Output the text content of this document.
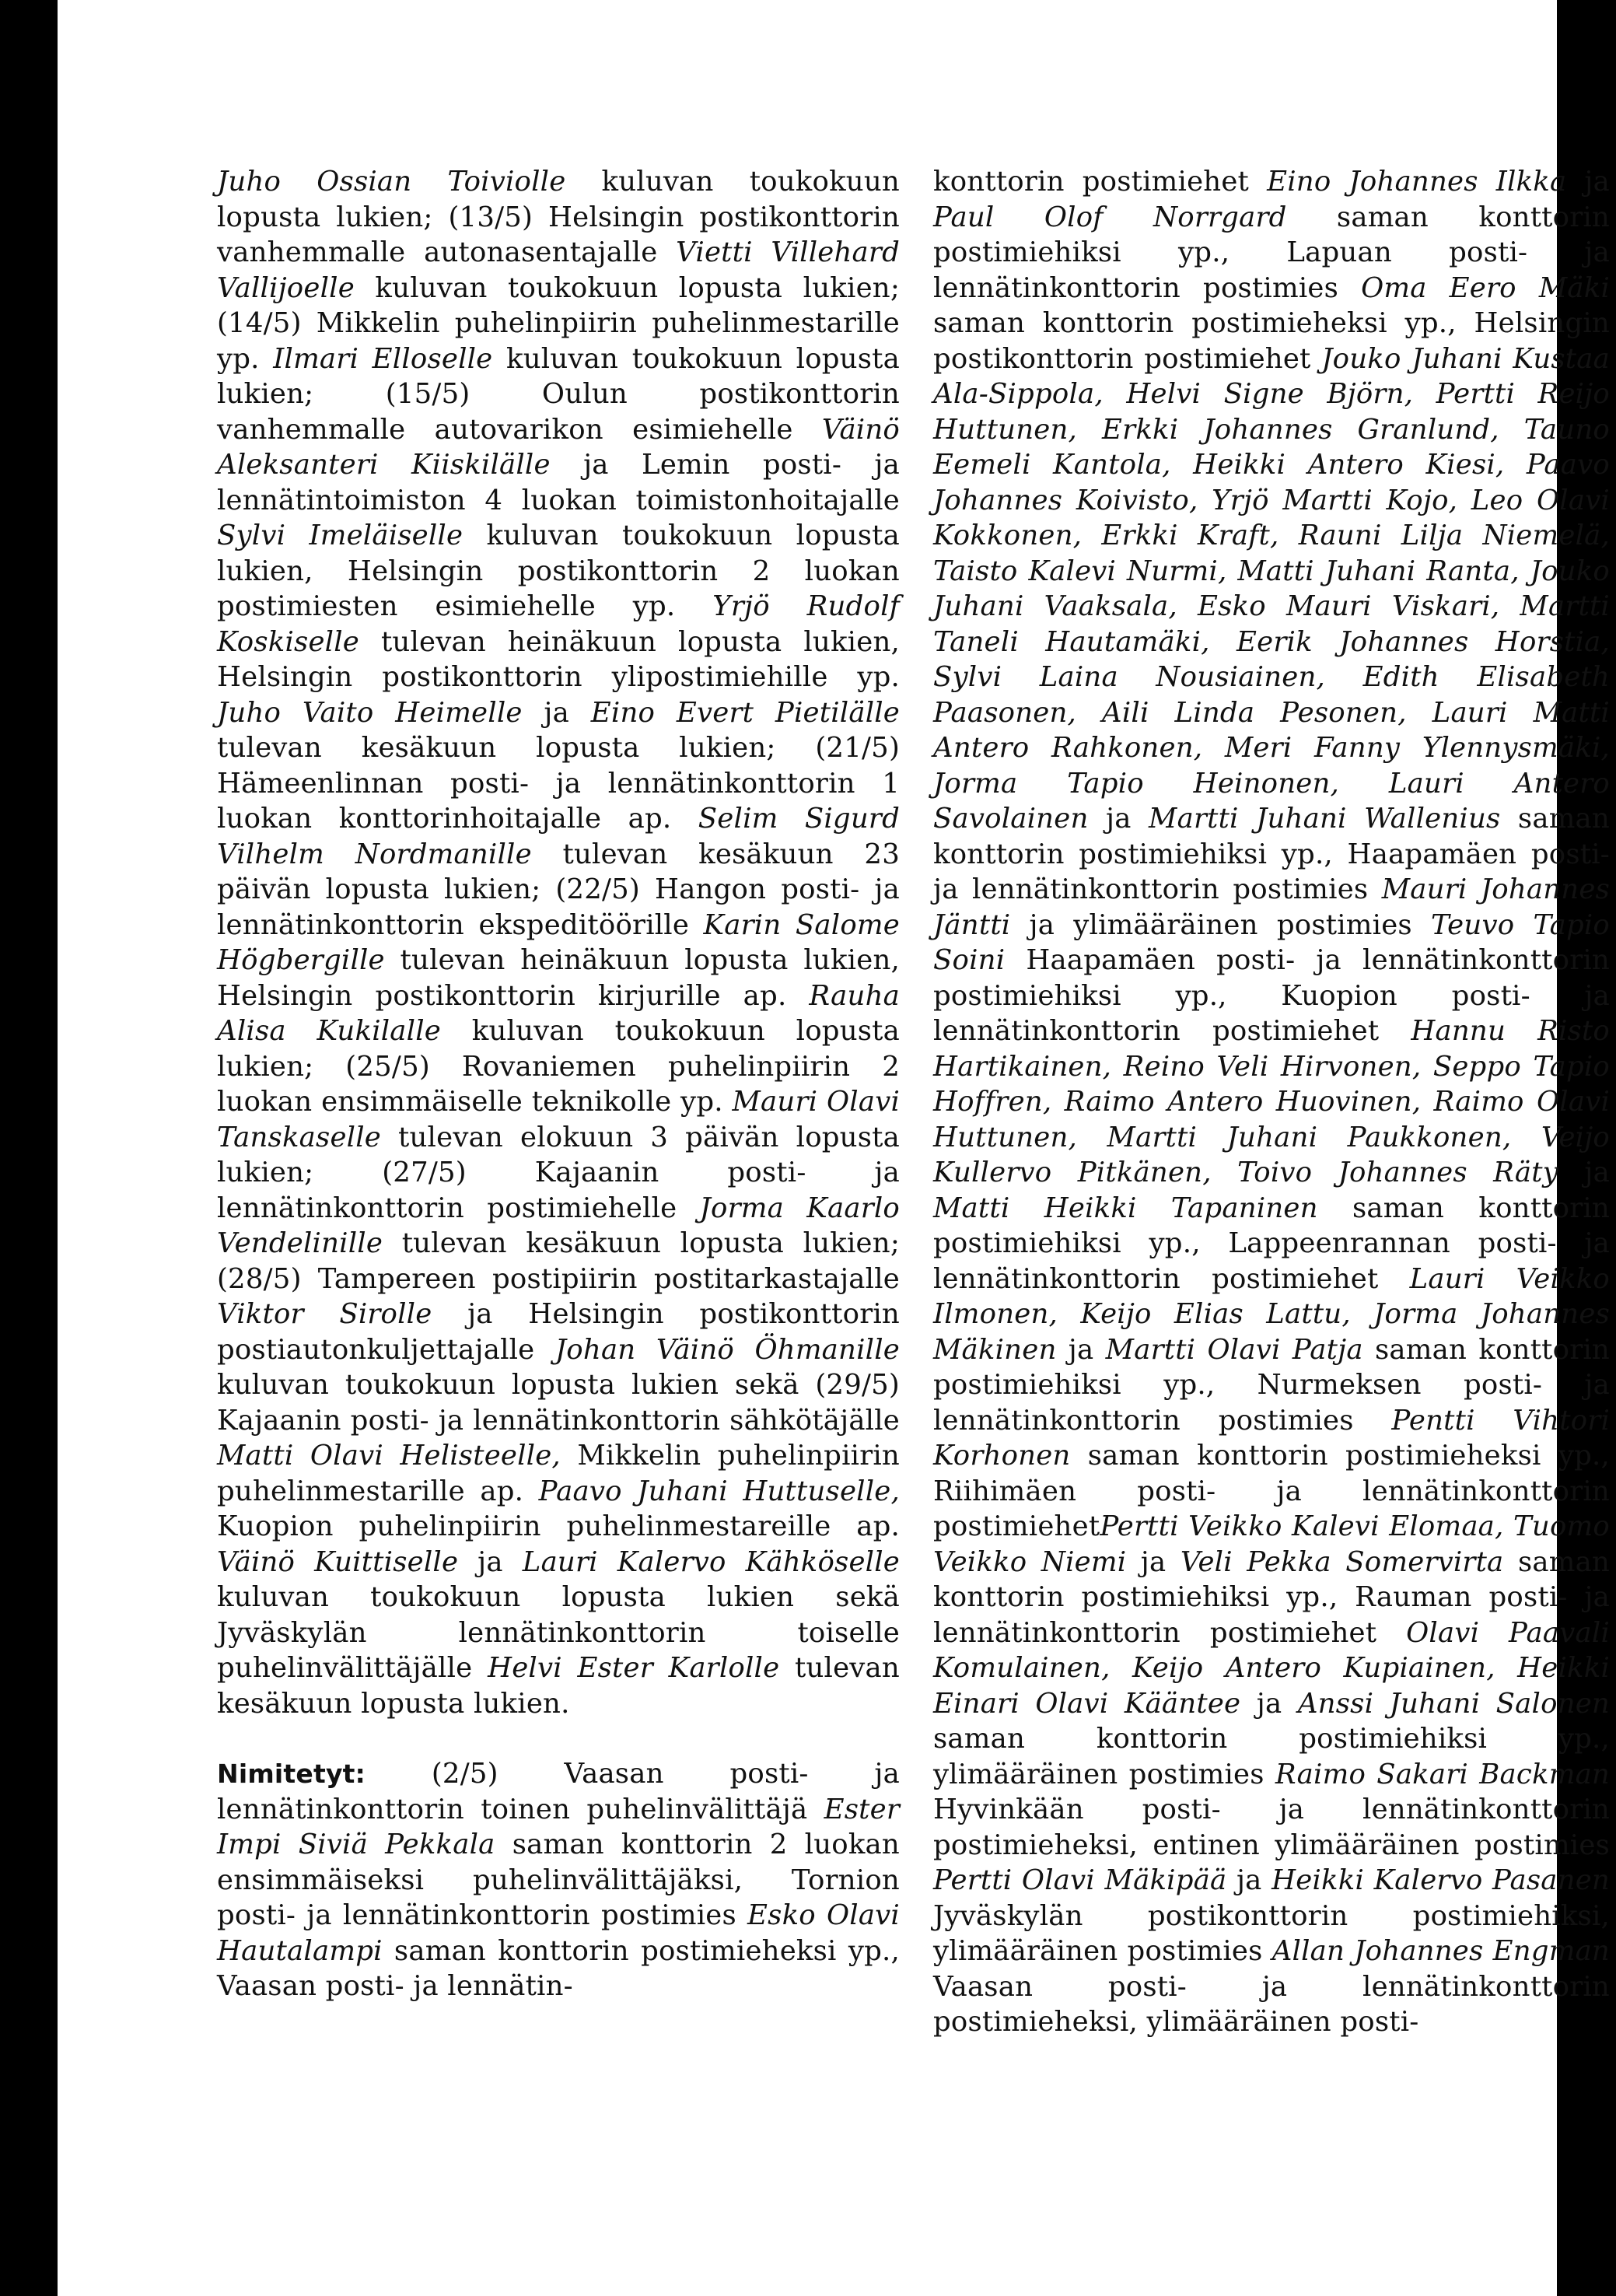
Juho Ossian Toiviolle kuluvan toukokuun lopusta lukien; (13/5) Helsingin postikonttorin vanhemmalle autonasentajalle Vietti Villehard Vallijoelle kuluvan toukokuun lopusta lukien; (14/5) Mikkelin puhelinpiirin puhelinmestarille yp. Ilmari Elloselle kuluvan toukokuun lopusta lukien; (15/5) Oulun postikonttorin vanhemmalle autovarikon esimiehelle Väinö Aleksanteri Kiiskilälle ja Lemin posti- ja lennätintoimiston 4 luokan toimistonhoitajalle Sylvi Imeläiselle kuluvan toukokuun lopusta lukien, Helsingin postikonttorin 2 luokan postimiesten esimiehelle yp. Yrjö Rudolf Koskiselle tulevan heinäkuun lopusta lukien, Helsingin postikonttorin ylipostimiehille yp. Juho Vaito Heimelle ja Eino Evert Pietilälle tulevan kesäkuun lopusta lukien; (21/5) Hämeenlinnan posti- ja lennätinkonttorin 1 luokan konttorinhoitajalle ap. Selim Sigurd Vilhelm Nordmanille tulevan kesäkuun 23 päivän lopusta lukien; (22/5) Hangon posti- ja lennätinkonttorin ekspeditöörille Karin Salome Högbergille tulevan heinäkuun lopusta lukien, Helsingin postikonttorin kirjurille ap. Rauha Alisa Kukilalle kuluvan toukokuun lopusta lukien; (25/5) Rovaniemen puhelinpiirin 2 luokan ensimmäiselle teknikolle yp. Mauri Olavi Tanskaselle tulevan elokuun 3 päivän lopusta lukien; (27/5) Kajaanin posti- ja lennätinkonttorin postimiehelle Jorma Kaarlo Vendelinille tulevan kesäkuun lopusta lukien; (28/5) Tampereen postipiirin postitarkastajalle Viktor Sirolle ja Helsingin postikonttorin postiautonkuljettajalle Johan Väinö Öhmanille kuluvan toukokuun lopusta lukien sekä (29/5) Kajaanin posti- ja lennätinkonttorin sähkötäjälle Matti Olavi Helisteelle, Mikkelin puhelinpiirin puhelinmestarille ap. Paavo Juhani Huttuselle, Kuopion puhelinpiirin puhelinmestareille ap. Väinö Kuittiselle ja Lauri Kalervo Kähköselle kuluvan toukokuun lopusta lukien sekä Jyväskylän lennätinkonttorin toiselle puhelinvälittäjälle Helvi Ester Karlolle tulevan kesäkuun lopusta lukien.

Nimitetyt: (2/5) Vaasan posti- ja lennätinkonttorin toinen puhelinvälittäjä Ester Impi Siviä Pekkala saman konttorin 2 luokan ensimmäiseksi puhelinvälittäjäksi, Tornion posti- ja lennätinkonttorin postimies Esko Olavi Hautalampi saman konttorin postimieheksi yp., Vaasan posti- ja lennätin-

konttorin postimiehet Eino Johannes Ilkka ja Paul Olof Norrgard saman konttorin postimiehiksi yp., Lapuan posti- ja lennätinkonttorin postimies Oma Eero Mäki saman konttorin postimieheksi yp., Helsingin postikonttorin postimiehet Jouko Juhani Kustaa Ala-Sippola, Helvi Signe Björn, Pertti Reijo Huttunen, Erkki Johannes Granlund, Tauno Eemeli Kantola, Heikki Antero Kiesi, Paavo Johannes Koivisto, Yrjö Martti Kojo, Leo Olavi Kokkonen, Erkki Kraft, Rauni Lilja Niemelä, Taisto Kalevi Nurmi, Matti Juhani Ranta, Jouko Juhani Vaaksala, Esko Mauri Viskari, Martti Taneli Hautamäki, Eerik Johannes Horstia, Sylvi Laina Nousiainen, Edith Elisabeth Paasonen, Aili Linda Pesonen, Lauri Matti Antero Rahkonen, Meri Fanny Ylennysmäki, Jorma Tapio Heinonen, Lauri Antero Savolainen ja Martti Juhani Wallenius saman konttorin postimiehiksi yp., Haapamäen posti- ja lennätinkonttorin postimies Mauri Johannes Jäntti ja ylimääräinen postimies Teuvo Tapio Soini Haapamäen posti- ja lennätinkonttorin postimiehiksi yp., Kuopion posti- ja lennätinkonttorin postimiehet Hannu Risto Hartikainen, Reino Veli Hirvonen, Seppo Tapio Hoffren, Raimo Antero Huovinen, Raimo Olavi Huttunen, Martti Juhani Paukkonen, Veijo Kullervo Pitkänen, Toivo Johannes Räty ja Matti Heikki Tapaninen saman konttorin postimiehiksi yp., Lappeenrannan posti- ja lennätinkonttorin postimiehet Lauri Veikko Ilmonen, Keijo Elias Lattu, Jorma Johannes Mäkinen ja Martti Olavi Patja saman konttorin postimiehiksi yp., Nurmeksen posti- ja lennätinkonttorin postimies Pentti Vihtori Korhonen saman konttorin postimieheksi yp., Riihimäen posti- ja lennätinkonttorin postimiehetPertti Veikko Kalevi Elomaa, Tuomo Veikko Niemi ja Veli Pekka Somervirta saman konttorin postimiehiksi yp., Rauman posti- ja lennätinkonttorin postimiehet Olavi Paavali Komulainen, Keijo Antero Kupiainen, Heikki Einari Olavi Kääntee ja Anssi Juhani Salonen saman konttorin postimiehiksi yp., ylimääräinen postimies Raimo Sakari Backman Hyvinkään posti- ja lennätinkonttorin postimieheksi, entinen ylimääräinen postimies Pertti Olavi Mäkipää ja Heikki Kalervo Pasanen Jyväskylän postikonttorin postimiehiksi, ylimääräinen postimies Allan Johannes Engman Vaasan posti- ja lennätinkonttorin postimieheksi, ylimääräinen posti-
